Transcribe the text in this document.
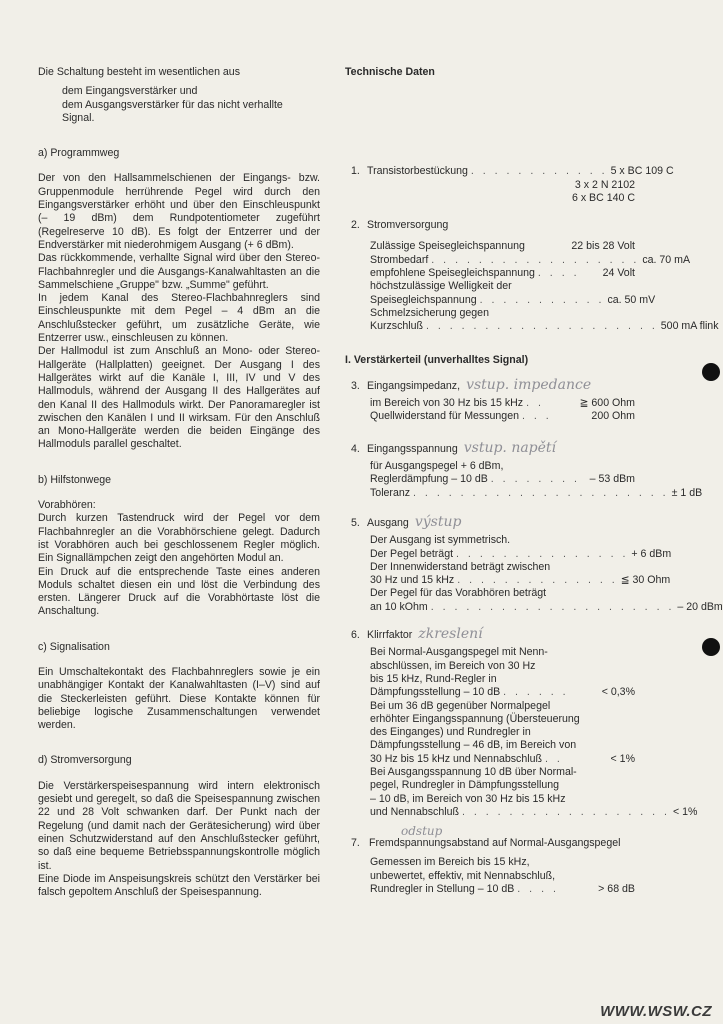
Die Schaltung besteht im wesentlichen aus

dem Eingangsverstärker und

dem Ausgangsverstärker für das nicht verhallte

Signal.

a) Programmweg

Der von den Hallsammelschienen der Eingangs- bzw. Gruppenmodule herrührende Pegel wird durch den Eingangsverstärker erhöht und über den Einschleuspunkt (– 19 dBm) dem Rundpotentiometer zugeführt (Regelreserve 10 dB). Es folgt der Entzerrer und der Endverstärker mit niederohmigem Ausgang (+ 6 dBm).

Das rückkommende, verhallte Signal wird über den Stereo-Flachbahnregler und die Ausgangs-Kanalwahltasten an die Sammelschiene „Gruppe" bzw. „Summe" geführt.

In jedem Kanal des Stereo-Flachbahnreglers sind Einschleuspunkte mit dem Pegel – 4 dBm an die Anschlußstecker geführt, um zusätzliche Geräte, wie Entzerrer usw., einschleusen zu können.

Der Hallmodul ist zum Anschluß an Mono- oder Stereo-Hallgeräte (Hallplatten) geeignet. Der Ausgang I des Hallgerätes wirkt auf die Kanäle I, III, IV und V des Hallmoduls, während der Ausgang II des Hallgerätes auf den Kanal II des Hallmoduls wirkt. Der Panoramaregler ist zwischen den Kanälen I und II wirksam. Für den Anschluß an Mono-Hallgeräte werden die beiden Eingänge des Hallmoduls parallel geschaltet.

b) Hilfstonwege

Vorabhören:

Durch kurzen Tastendruck wird der Pegel vor dem Flachbahnregler an die Vorabhörschiene gelegt. Dadurch ist Vorabhören auch bei geschlossenem Regler möglich. Ein Signallämpchen zeigt den angehörten Modul an.

Ein Druck auf die entsprechende Taste eines anderen Moduls schaltet diesen ein und löst die Verbindung des ersten. Längerer Druck auf die Vorabhörtaste löst die Anschaltung.

c) Signalisation

Ein Umschaltekontakt des Flachbahnreglers sowie je ein unabhängiger Kontakt der Kanalwahltasten (I–V) sind auf die Steckerleisten geführt. Diese Kontakte können für beliebige logische Zusammenschaltungen verwendet werden.

d) Stromversorgung

Die Verstärkerspeisespannung wird intern elektronisch gesiebt und geregelt, so daß die Speisespannung zwischen 22 und 28 Volt schwanken darf. Der Punkt nach der Regelung (und damit nach der Gerätesicherung) wird über einen Schutzwiderstand auf den Anschlußstecker geführt, so daß eine bequeme Betriebsspannungskontrolle möglich ist.

Eine Diode im Anspeisungskreis schützt den Verstärker bei falsch gepoltem Anschluß der Speisespannung.

Technische Daten

1. Transistorbestückung . . . . . . . . . . . . 5 x BC 109 C
3 x 2 N 2102
6 x BC 140 C
2. Stromversorgung
Zulässige Speisegleichspannung	22 bis 28 Volt
Strombedarf . . . . . . . . . . . . . . . . . . ca. 70 mA
empfohlene Speisegleichspannung . . . .	24 Volt
höchstzulässige Welligkeit der
Speisegleichspannung . . . . . . . . . . . ca. 50 mV
Schmelzsicherung gegen
Kurzschluß . . . . . . . . . . . . . . . . . . . . 500 mA flink

I. Verstärkerteil (unverhalltes Signal)

3. Eingangsimpedanz, vstup. impedance
im Bereich von 30 Hz bis 15 kHz . .	≧ 600 Ohm
Quellwiderstand für Messungen . . .	200 Ohm
4. Eingangsspannung vstup. napětí
für Ausgangspegel + 6 dBm,
Reglerdämpfung – 10 dB . . . . . . . . – 53 dBm
Toleranz . . . . . . . . . . . . . . . . . . . . . . ± 1 dB
5. Ausgang výstup
Der Ausgang ist symmetrisch.
Der Pegel beträgt . . . . . . . . . . . . . . . + 6 dBm
Der Innenwiderstand beträgt zwischen
30 Hz und 15 kHz . . . . . . . . . . . . . . ≦ 30 Ohm
Der Pegel für das Vorabhören beträgt
an 10 kOhm . . . . . . . . . . . . . . . . . . . . . – 20 dBm
6. Klirrfaktor zkreslení
Bei Normal-Ausgangspegel mit Nenn-
abschlüssen, im Bereich von 30 Hz
bis 15 kHz, Rund-Regler in
Dämpfungsstellung – 10 dB . . . . . .	< 0,3%
Bei um 36 dB gegenüber Normalpegel
erhöhter Eingangsspannung (Übersteuerung
des Einganges) und Rundregler in
Dämpfungsstellung – 46 dB, im Bereich von
30 Hz bis 15 kHz und Nennabschluß . .	< 1%
Bei Ausgangsspannung 10 dB über Normal-
pegel, Rundregler in Dämpfungsstellung
– 10 dB, im Bereich von 30 Hz bis 15 kHz
und Nennabschluß . . . . . . . . . . . . . . . . . . < 1%
odstup
7. Fremdspannungsabstand auf Normal-Ausgangspegel
Gemessen im Bereich bis 15 kHz,
unbewertet, effektiv, mit Nennabschluß,
Rundregler in Stellung – 10 dB . . . .	> 68 dB
WWW.WSW.CZ
